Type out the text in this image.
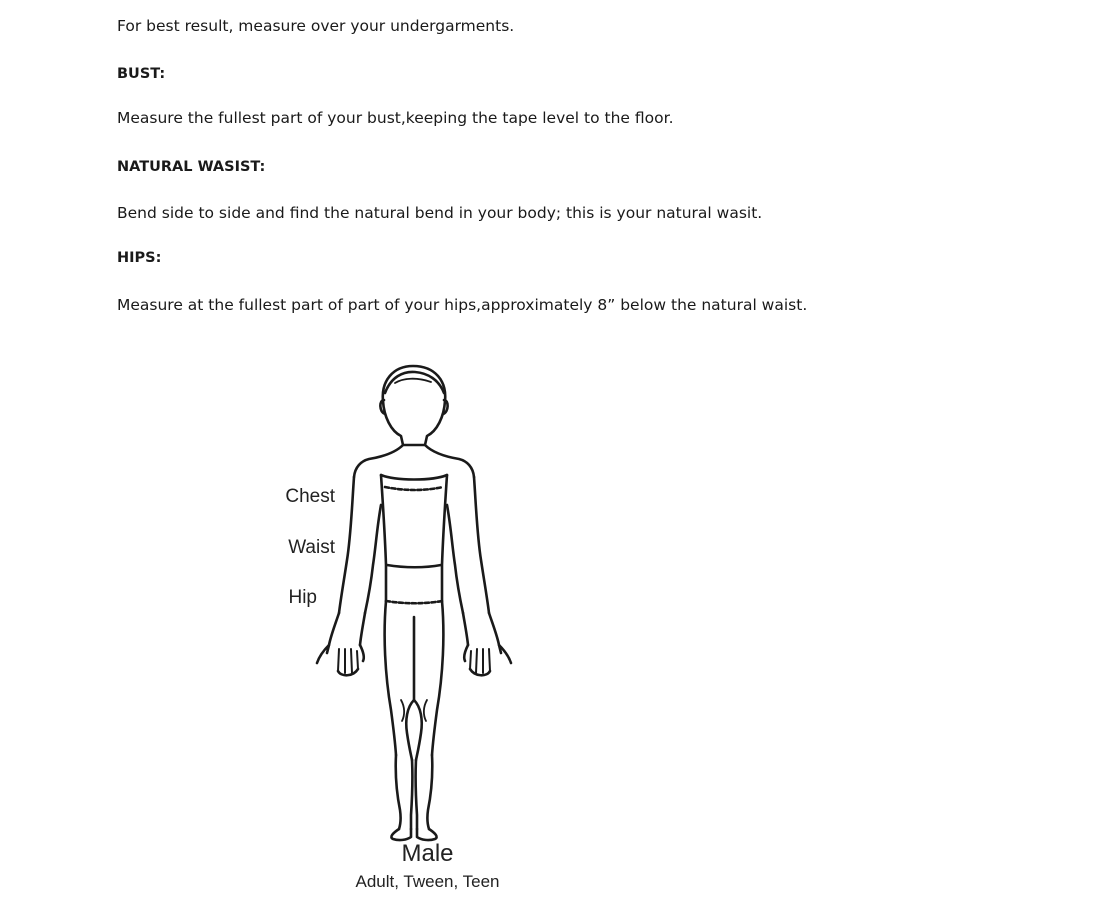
For best result, measure over your undergarments.
BUST:
Measure the fullest part of your bust,keeping the tape level to the floor.
NATURAL WASIST:
Bend side to side and find the natural bend in your body; this is your natural wasit.
HIPS:
Measure at the fullest part of part of your hips,approximately 8” below the natural waist.
Chest
Waist
Hip
Male
Adult, Tween, Teen
